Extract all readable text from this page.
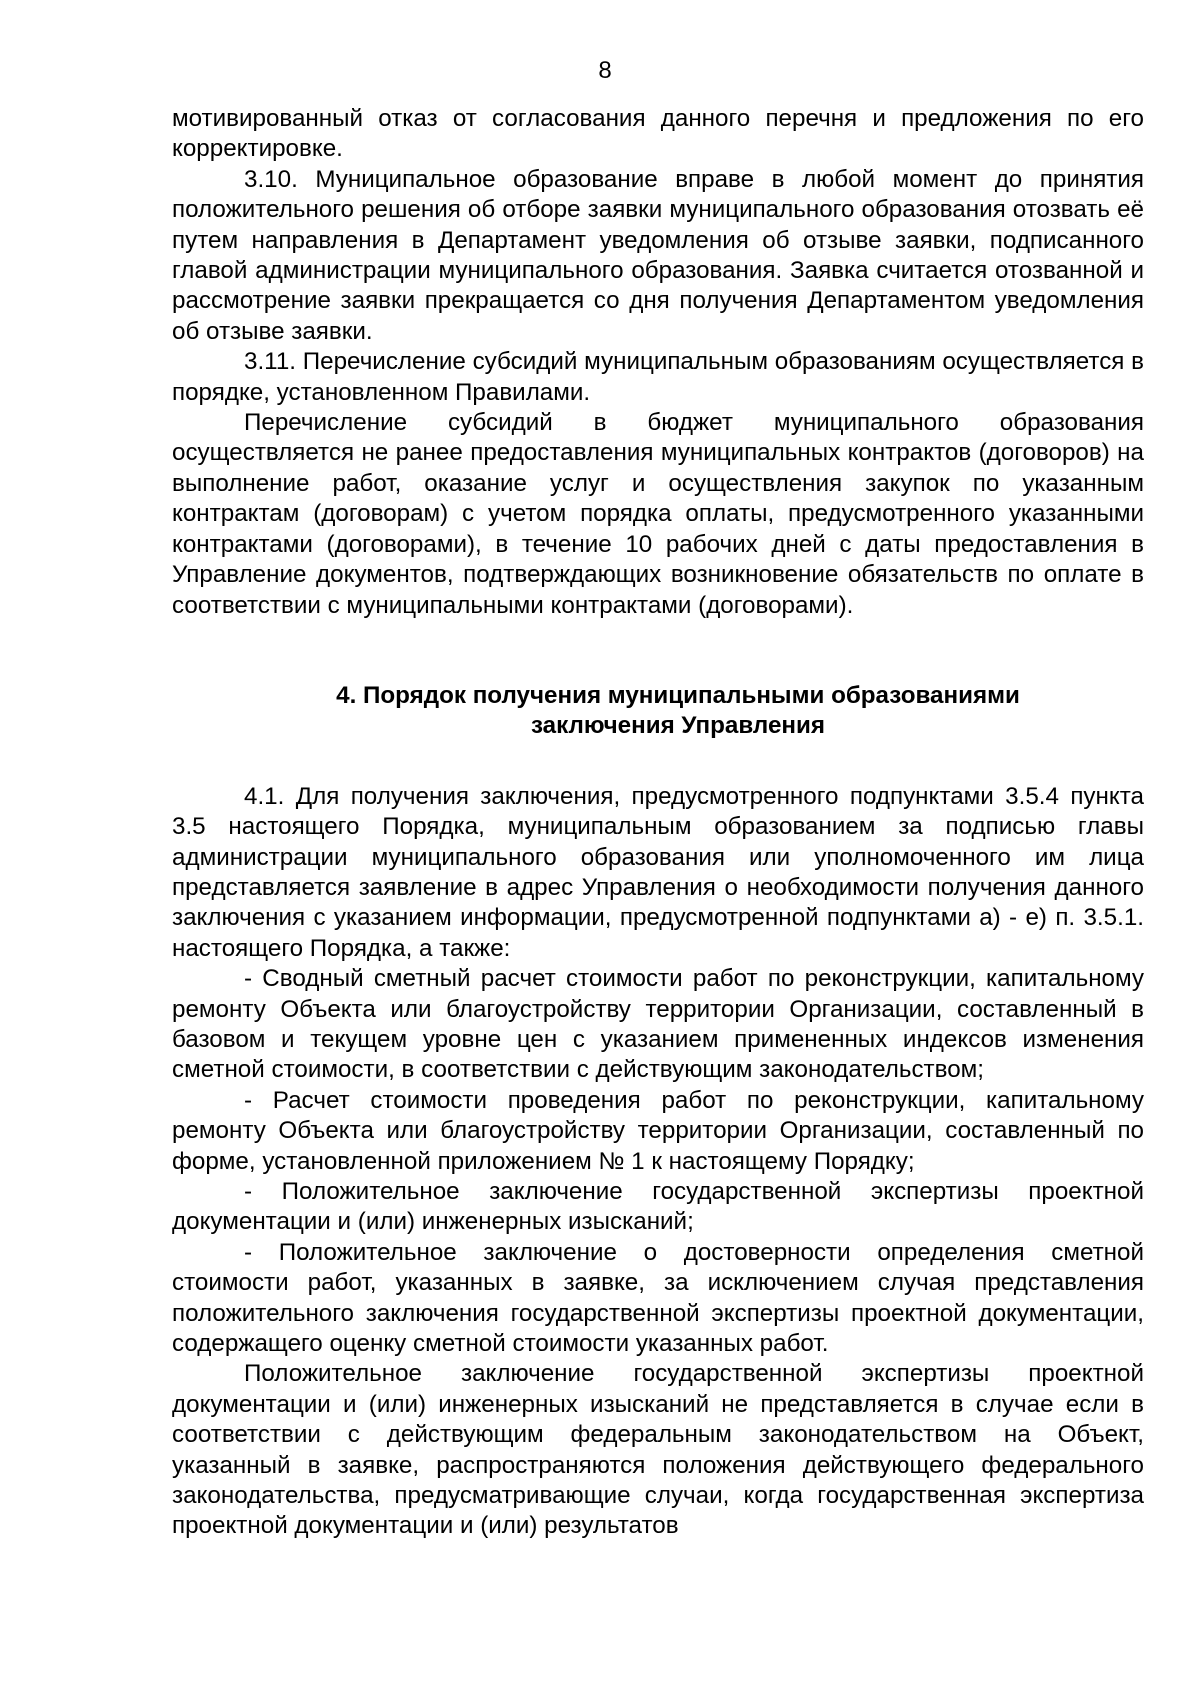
8

мотивированный отказ от согласования данного перечня и предложения по его корректировке.

3.10. Муниципальное образование вправе в любой момент до принятия положительного решения об отборе заявки муниципального образования отозвать её путем направления в Департамент уведомления об отзыве заявки, подписанного главой администрации муниципального образования. Заявка считается отозванной и рассмотрение заявки прекращается со дня получения Департаментом уведомления об отзыве заявки.

3.11. Перечисление субсидий муниципальным образованиям осуществляется в порядке, установленном Правилами.

Перечисление субсидий в бюджет муниципального образования осуществляется не ранее предоставления муниципальных контрактов (договоров) на выполнение работ, оказание услуг и осуществления закупок по указанным контрактам (договорам) с учетом порядка оплаты, предусмотренного указанными контрактами (договорами), в течение 10 рабочих дней с даты предоставления в Управление документов, подтверждающих возникновение обязательств по оплате в соответствии с муниципальными контрактами (договорами).

4. Порядок получения муниципальными образованиями

заключения Управления

4.1. Для получения заключения, предусмотренного подпунктами 3.5.4 пункта 3.5 настоящего Порядка, муниципальным образованием за подписью главы администрации муниципального образования или уполномоченного им лица представляется заявление в адрес Управления о необходимости получения данного заключения с указанием информации, предусмотренной подпунктами а) - е) п. 3.5.1. настоящего Порядка, а также:

- Сводный сметный расчет стоимости работ по реконструкции, капитальному ремонту Объекта или благоустройству территории Организации, составленный в базовом и текущем уровне цен с указанием примененных индексов изменения сметной стоимости, в соответствии с действующим законодательством;

- Расчет стоимости проведения работ по реконструкции, капитальному ремонту Объекта или благоустройству территории Организации, составленный по форме, установленной приложением № 1 к настоящему Порядку;

- Положительное заключение государственной экспертизы проектной документации и (или) инженерных изысканий;

- Положительное заключение о достоверности определения сметной стоимости работ, указанных в заявке, за исключением случая представления положительного заключения государственной экспертизы проектной документации, содержащего оценку сметной стоимости указанных работ.

Положительное заключение государственной экспертизы проектной документации и (или) инженерных изысканий не представляется в случае если в соответствии с действующим федеральным законодательством на Объект, указанный в заявке, распространяются положения действующего федерального законодательства, предусматривающие случаи, когда государственная экспертиза проектной документации и (или) результатов
